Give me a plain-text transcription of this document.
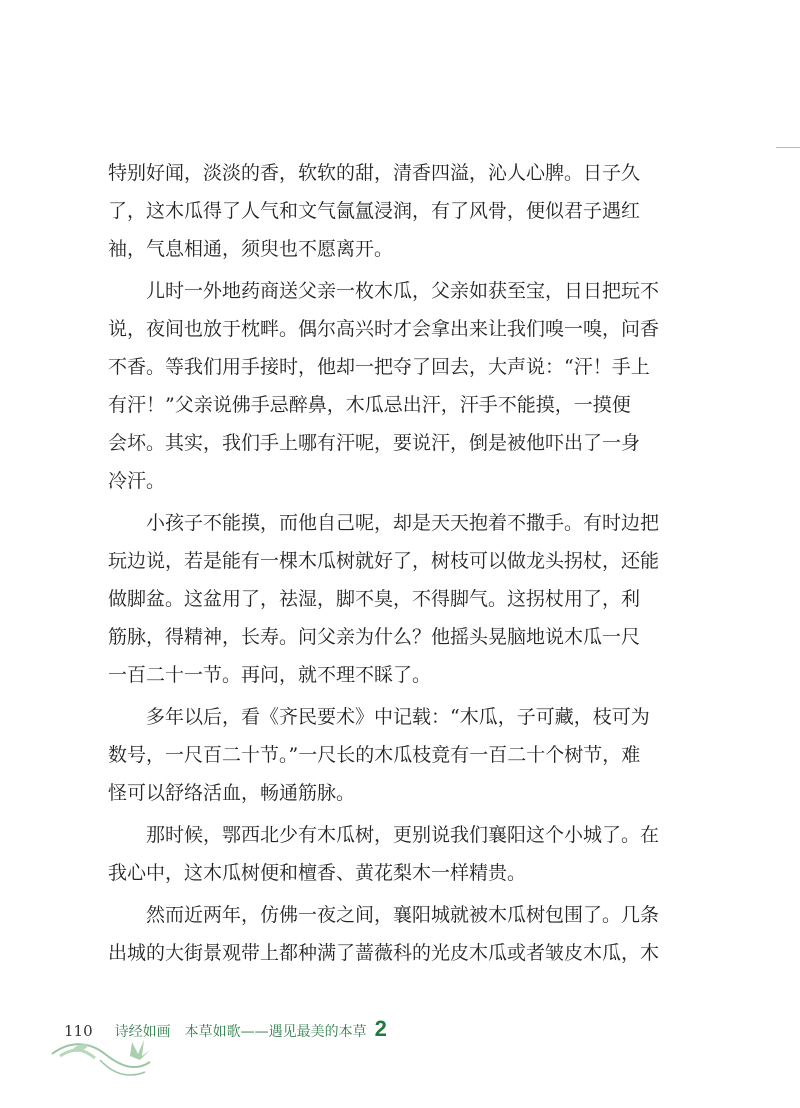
特别好闻，淡淡的香，软软的甜，清香四溢，沁人心脾。日子久
了，这木瓜得了人气和文气氤氲浸润，有了风骨，便似君子遇红
袖，气息相通，须臾也不愿离开。
　　儿时一外地药商送父亲一枚木瓜，父亲如获至宝，日日把玩不
说，夜间也放于枕畔。偶尔高兴时才会拿出来让我们嗅一嗅，问香
不香。等我们用手接时，他却一把夺了回去，大声说：“汗！手上
有汗！”父亲说佛手忌醉鼻，木瓜忌出汗，汗手不能摸，一摸便
会坏。其实，我们手上哪有汗呢，要说汗，倒是被他吓出了一身
冷汗。
　　小孩子不能摸，而他自己呢，却是天天抱着不撒手。有时边把
玩边说，若是能有一棵木瓜树就好了，树枝可以做龙头拐杖，还能
做脚盆。这盆用了，祛湿，脚不臭，不得脚气。这拐杖用了，利
筋脉，得精神，长寿。问父亲为什么？他摇头晃脑地说木瓜一尺
一百二十一节。再问，就不理不睬了。
　　多年以后，看《齐民要术》中记载：“木瓜，子可藏，枝可为
数号，一尺百二十节。”一尺长的木瓜枝竟有一百二十个树节，难
怪可以舒络活血，畅通筋脉。
　　那时候，鄂西北少有木瓜树，更别说我们襄阳这个小城了。在
我心中，这木瓜树便和檀香、黄花梨木一样精贵。
　　然而近两年，仿佛一夜之间，襄阳城就被木瓜树包围了。几条
出城的大街景观带上都种满了蔷薇科的光皮木瓜或者皱皮木瓜，木
110 诗经如画 本草如歌——遇见最美的本草 2
